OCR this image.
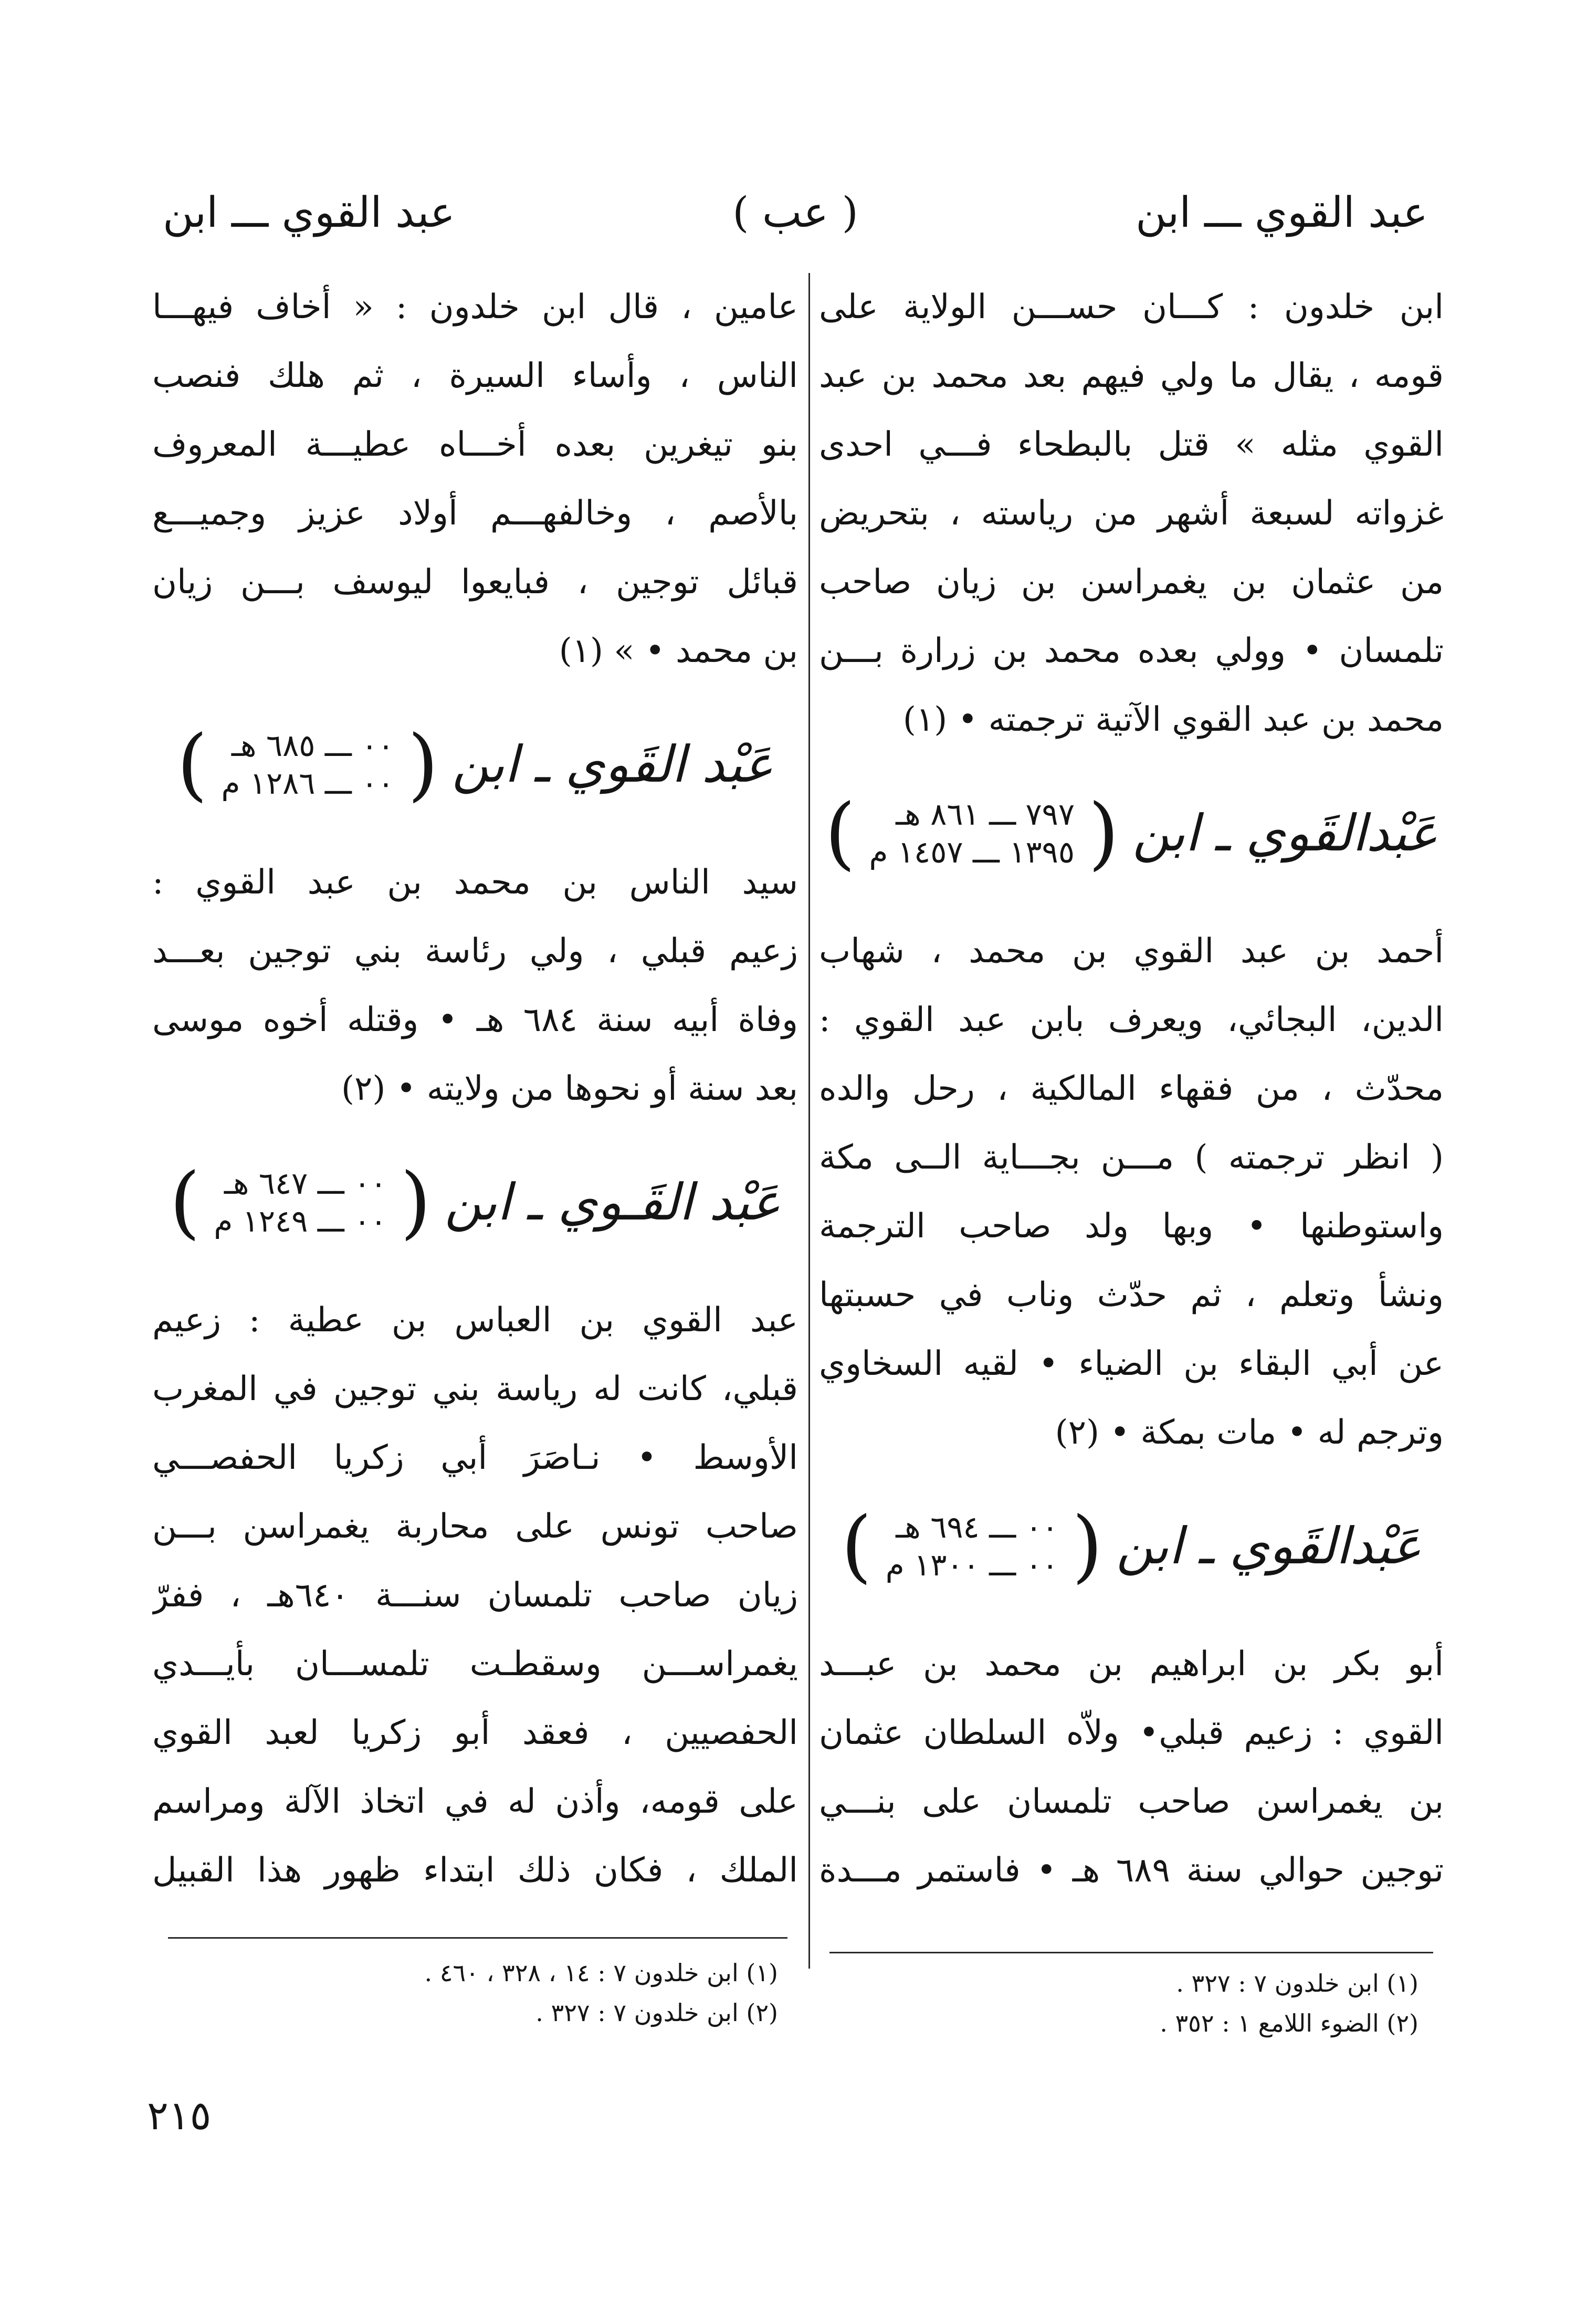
عبد القوي ـــ ابن
( عب )
عبد القوي ـــ ابن
ابن خلدون : كـــان حســـن الولاية على
قومه ، يقال ما ولي فيهم بعد محمد بن عبد
القوي مثله » قتل بالبطحاء فـــي احدى
غزواته لسبعة أشهر من رياسته ، بتحريض
من عثمان بن يغمراسن بن زيان صاحب
تلمسان • وولي بعده محمد بن زرارة بـــن
محمد بن عبد القوي الآتية ترجمته • (١)
عَبْدالقَوي ـ ابن
(
٧٩٧ ـــ ٨٦١ هـ
١٣٩٥ ـــ ١٤٥٧ م
)
أحمد بن عبد القوي بن محمد ، شهاب
الدين، البجائي، ويعرف بابن عبد القوي :
محدّث ، من فقهاء المالكية ، رحل والده
( انظر ترجمته ) مـــن بجـــاية الــى مكة
واستوطنها • وبها ولد صاحب الترجمة
ونشأ وتعلم ، ثم حدّث وناب في حسبتها
عن أبي البقاء بن الضياء • لقيه السخاوي
وترجم له • مات بمكة • (٢)
عَبْدالقَوي ـ ابن
(
٠٠ ـــ ٦٩٤ هـ
٠٠ ـــ ١٣٠٠ م
)
أبو بكر بن ابراهيم بن محمد بن عبـــد
القوي : زعيم قبلي• ولاّه السلطان عثمان
بن يغمراسن صاحب تلمسان على بنـــي
توجين حوالي سنة ٦٨٩ هـ • فاستمر مـــدة
عامين ، قال ابن خلدون : « أخاف فيهـــا
الناس ، وأساء السيرة ، ثم هلك فنصب
بنو تيغرين بعده أخـــاه عطيـــة المعروف
بالأصم ، وخالفهـــم أولاد عزيز وجميـــع
قبائل توجين ، فبايعوا ليوسف بـــن زيان
بن محمد • » (١)
عَبْد القَوي ـ ابن
(
٠٠ ـــ ٦٨٥ هـ
٠٠ ـــ ١٢٨٦ م
)
سيد الناس بن محمد بن عبد القوي :
زعيم قبلي ، ولي رئاسة بني توجين بعـــد
وفاة أبيه سنة ٦٨٤ هـ • وقتله أخوه موسى
بعد سنة أو نحوها من ولايته • (٢)
عَبْد القَـوي ـ ابن
(
٠٠ ـــ ٦٤٧ هـ
٠٠ ـــ ١٢٤٩ م
)
عبد القوي بن العباس بن عطية : زعيم
قبلي، كانت له رياسة بني توجين في المغرب
الأوسط • نـاصَرَ أبي زكريا الحفصـــي
صاحب تونس على محاربة يغمراسن بـــن
زيان صاحب تلمسان سنـــة ٦٤٠هـ ، ففرّ
يغمراســـن وسقطـت تلمســـان بأيـــدي
الحفصيين ، فعقد أبو زكريا لعبد القوي
على قومه، وأذن له في اتخاذ الآلة ومراسم
الملك ، فكان ذلك ابتداء ظهور هذا القبيل
(١) ابن خلدون ٧ : ٣٢٧ .
(٢) الضوء اللامع ١ : ٣٥٢ .
(١) ابن خلدون ٧ : ١٤ ، ٣٢٨ ، ٤٦٠ .
(٢) ابن خلدون ٧ : ٣٢٧ .
٢١٥
